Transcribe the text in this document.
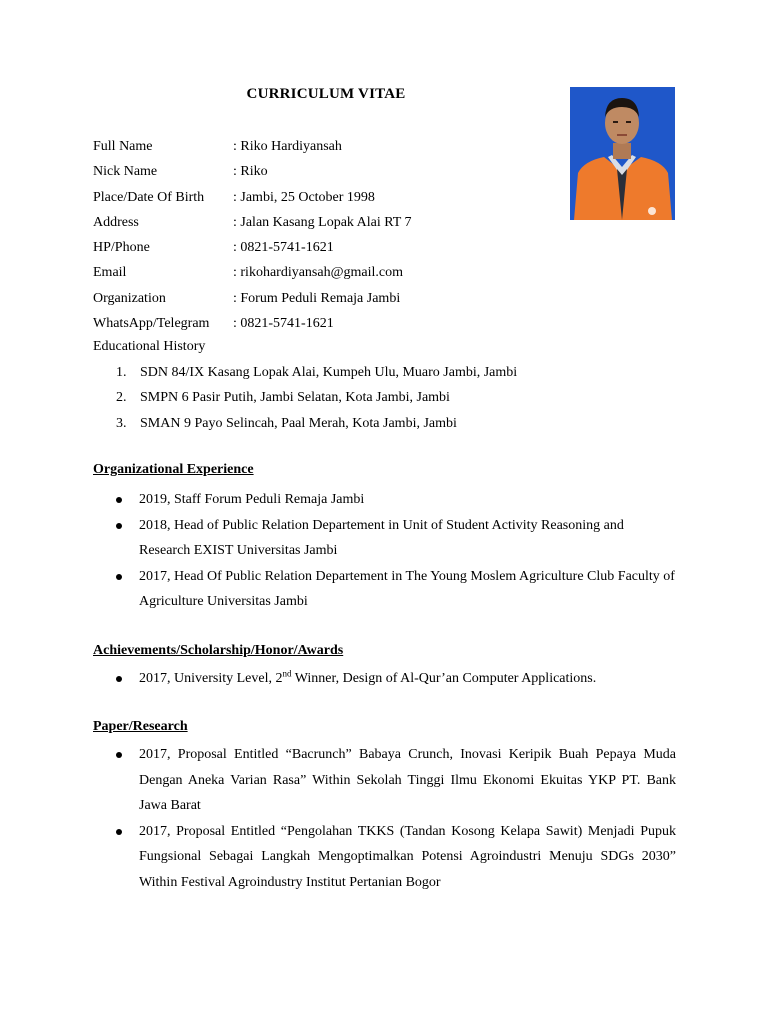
CURRICULUM VITAE
Full Name	: Riko Hardiyansah
Nick Name	: Riko
Place/Date Of Birth : Jambi, 25 October 1998
Address	: Jalan Kasang Lopak Alai RT 7
HP/Phone	: 0821-5741-1621
Email	: rikohardiyansah@gmail.com
Organization	: Forum Peduli Remaja Jambi
WhatsApp/Telegram : 0821-5741-1621
Educational History
1. SDN 84/IX Kasang Lopak Alai, Kumpeh Ulu, Muaro Jambi, Jambi
2. SMPN 6 Pasir Putih, Jambi Selatan, Kota Jambi, Jambi
3. SMAN 9 Payo Selincah, Paal Merah, Kota Jambi, Jambi
Organizational Experience
2019, Staff Forum Peduli Remaja Jambi
2018, Head of Public Relation Departement in Unit of Student Activity Reasoning and Research EXIST Universitas Jambi
2017, Head Of Public Relation Departement in The Young Moslem Agriculture Club Faculty of Agriculture Universitas Jambi
Achievements/Scholarship/Honor/Awards
2017, University Level, 2nd Winner, Design of Al-Qur’an Computer Applications.
Paper/Research
2017, Proposal Entitled “Bacrunch” Babaya Crunch, Inovasi Keripik Buah Pepaya Muda Dengan Aneka Varian Rasa” Within Sekolah Tinggi Ilmu Ekonomi Ekuitas YKP PT. Bank Jawa Barat
2017, Proposal Entitled “Pengolahan TKKS (Tandan Kosong Kelapa Sawit) Menjadi Pupuk Fungsional Sebagai Langkah Mengoptimalkan Potensi Agroindustri Menuju SDGs 2030” Within Festival Agroindustry Institut Pertanian Bogor
